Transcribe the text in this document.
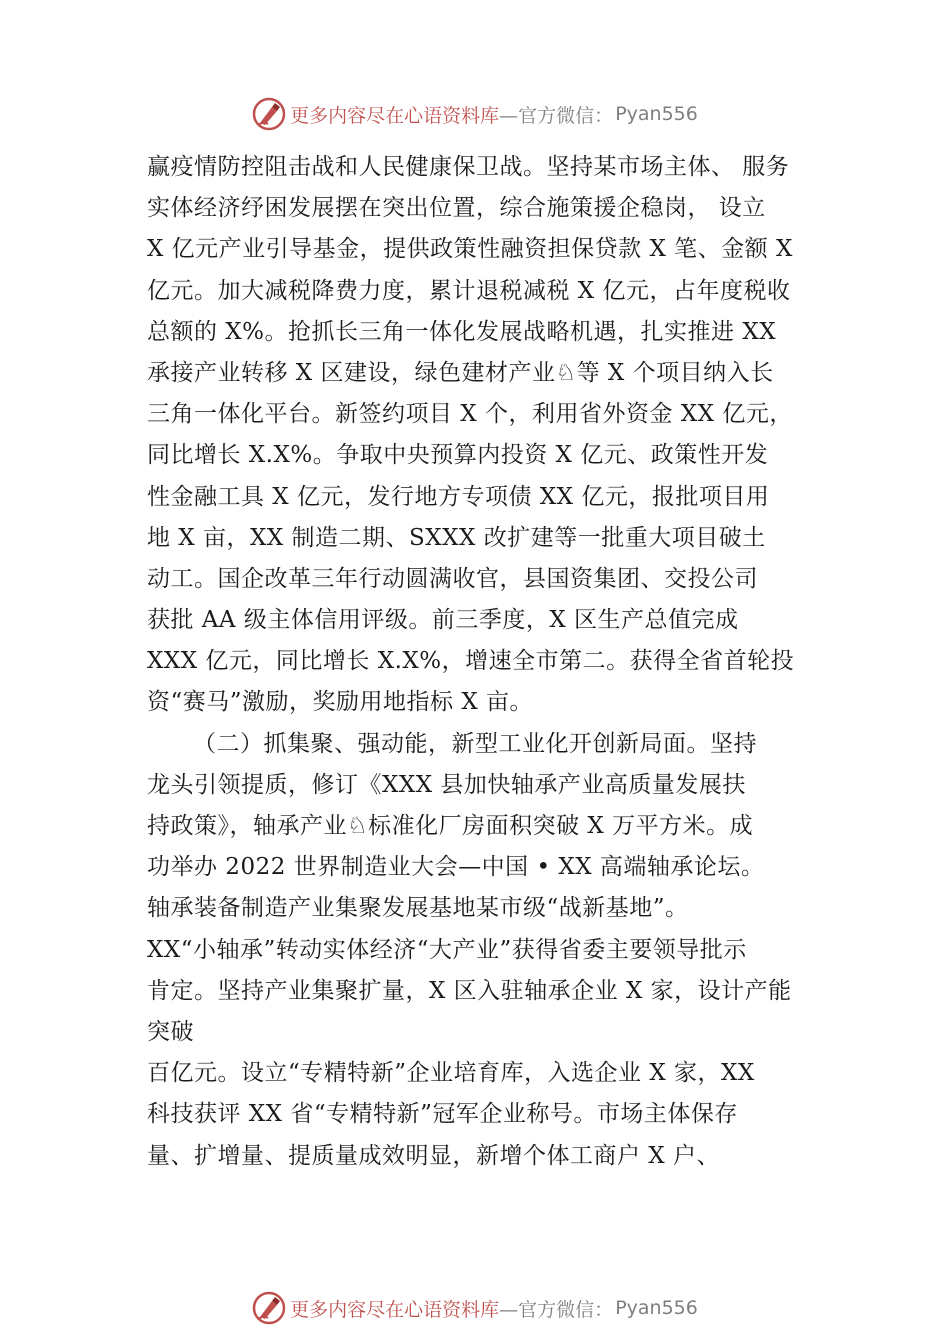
更多内容尽在心语资料库 —官方微信： Pyan556
赢疫情防控阻击战和人民健康保卫战。坚持某市场主体、 服务
实体经济纾困发展摆在突出位置，综合施策援企稳岗， 设立
X 亿元产业引导基金，提供政策性融资担保贷款 X 笔、金额 X
亿元。加大减税降费力度，累计退税减税 X 亿元，占年度税收
总额的 X%。抢抓长三角一体化发展战略机遇，扎实推进 XX
承接产业转移 X 区建设，绿色建材产业♘等 X 个项目纳入长
三角一体化平台。新签约项目 X 个，利用省外资金 XX 亿元，
同比增长 X.X%。争取中央预算内投资 X 亿元、政策性开发
性金融工具 X 亿元，发行地方专项债 XX 亿元，报批项目用
地 X 亩，XX 制造二期、SXXX 改扩建等一批重大项目破土
动工。国企改革三年行动圆满收官，县国资集团、交投公司
获批 AA 级主体信用评级。前三季度，X 区生产总值完成
XXX 亿元，同比增长 X.X%，增速全市第二。获得全省首轮投
资“赛马”激励，奖励用地指标 X 亩。
（二）抓集聚、强动能，新型工业化开创新局面。坚持
龙头引领提质，修订《XXX 县加快轴承产业高质量发展扶
持政策》，轴承产业♘标准化厂房面积突破 X 万平方米。成
功举办 2022 世界制造业大会—中国 • XX 高端轴承论坛。
轴承装备制造产业集聚发展基地某市级“战新基地”。
XX“小轴承”转动实体经济“大产业”获得省委主要领导批示
肯定。坚持产业集聚扩量，X 区入驻轴承企业 X 家，设计产能
突破
百亿元。设立“专精特新”企业培育库，入选企业 X 家，XX
科技获评 XX 省“专精特新”冠军企业称号。市场主体保存
量、扩增量、提质量成效明显，新增个体工商户 X 户、
更多内容尽在心语资料库 —官方微信： Pyan556
